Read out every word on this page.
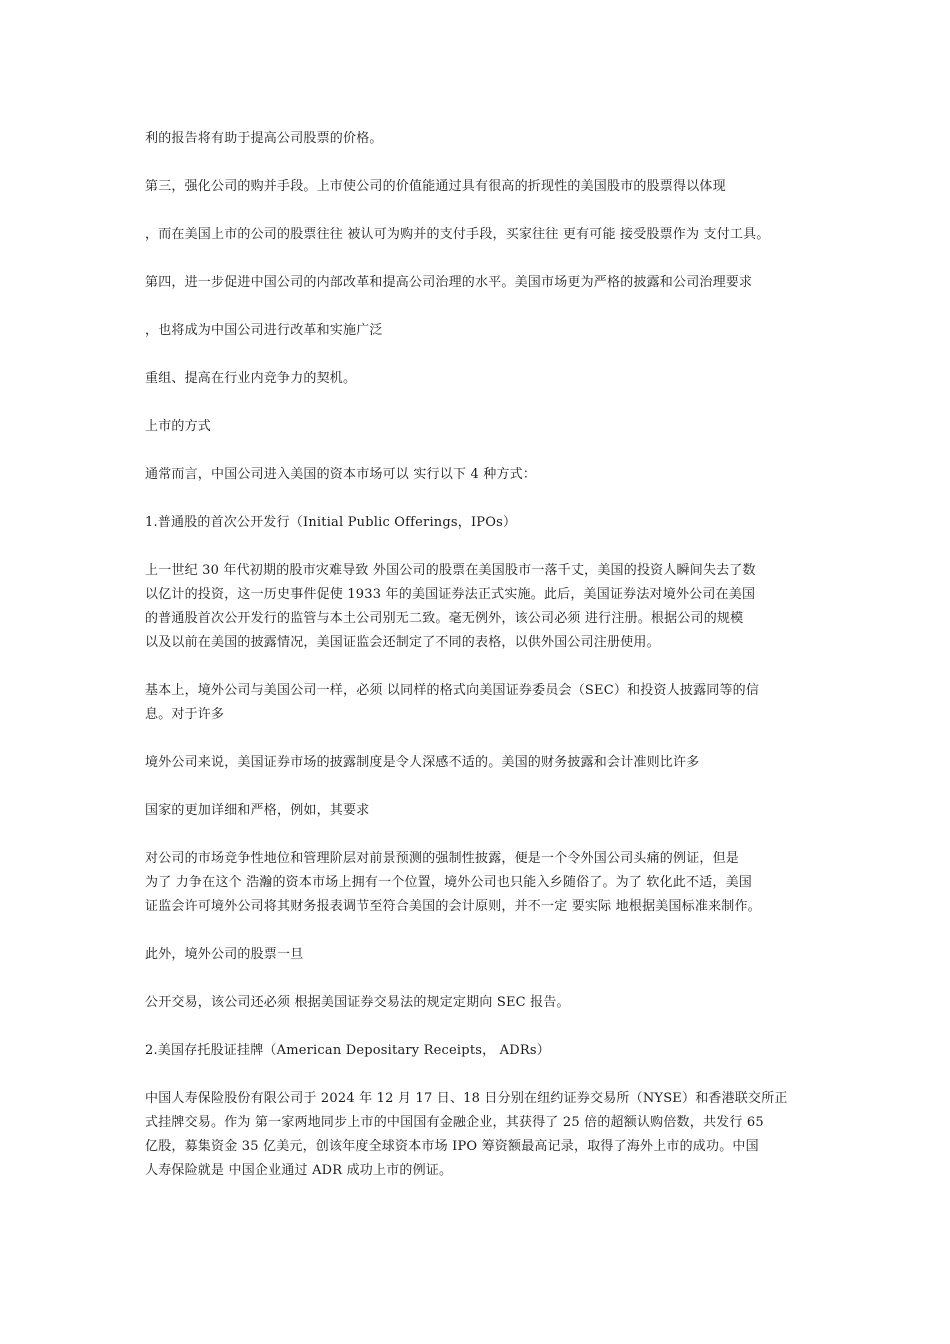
利的报告将有助于提高公司股票的价格。

第三，强化公司的购并手段。上市使公司的价值能通过具有很高的折现性的美国股市的股票得以体现

，而在美国上市的公司的股票往往 被认可为购并的支付手段，买家往往 更有可能 接受股票作为 支付工具。

第四，进一步促进中国公司的内部改革和提高公司治理的水平。美国市场更为严格的披露和公司治理要求

，也将成为中国公司进行改革和实施广泛

重组、提高在行业内竞争力的契机。

上市的方式

通常而言，中国公司进入美国的资本市场可以 实行以下 4 种方式：

1.普通股的首次公开发行（Initial Public Offerings，IPOs）

上一世纪 30 年代初期的股市灾难导致 外国公司的股票在美国股市一落千丈，美国的投资人瞬间失去了数
以亿计的投资，这一历史事件促使 1933 年的美国证券法正式实施。此后，美国证券法对境外公司在美国
的普通股首次公开发行的监管与本土公司别无二致。毫无例外，该公司必须 进行注册。根据公司的规模
以及以前在美国的披露情况，美国证监会还制定了不同的表格，以供外国公司注册使用。

基本上，境外公司与美国公司一样，必须 以同样的格式向美国证券委员会（SEC）和投资人披露同等的信
息。对于许多

境外公司来说，美国证券市场的披露制度是令人深感不适的。美国的财务披露和会计准则比许多

国家的更加详细和严格，例如，其要求

对公司的市场竞争性地位和管理阶层对前景预测的强制性披露，便是一个令外国公司头痛的例证，但是
为了 力争在这个 浩瀚的资本市场上拥有一个位置，境外公司也只能入乡随俗了。为了 软化此不适，美国
证监会许可境外公司将其财务报表调节至符合美国的会计原则，并不一定 要实际 地根据美国标准来制作。

此外，境外公司的股票一旦

公开交易，该公司还必须 根据美国证券交易法的规定定期向 SEC 报告。

2.美国存托股证挂牌（American Depositary Receipts， ADRs）

中国人寿保险股份有限公司于 2024 年 12 月 17 日、18 日分别在纽约证券交易所（NYSE）和香港联交所正
式挂牌交易。作为 第一家两地同步上市的中国国有金融企业，其获得了 25 倍的超额认购倍数，共发行 65
亿股，募集资金 35 亿美元，创该年度全球资本市场 IPO 筹资额最高记录，取得了海外上市的成功。中国
人寿保险就是 中国企业通过 ADR 成功上市的例证。
